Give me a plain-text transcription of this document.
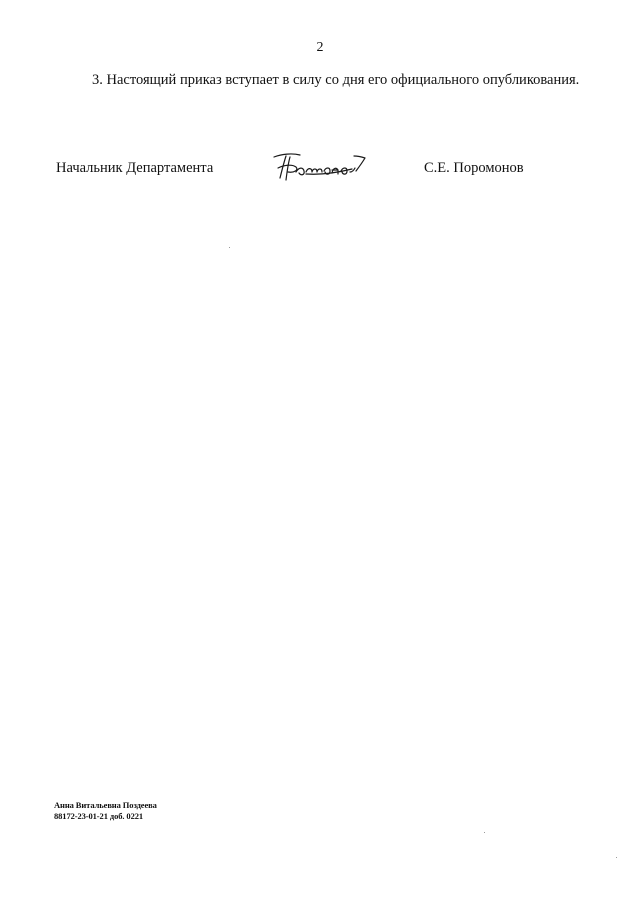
2
3. Настоящий приказ вступает в силу со дня его официального опубликования.
Начальник Департамента	С.Е. Поромонов
Анна Витальевна Поздеева
88172-23-01-21 доб. 0221
